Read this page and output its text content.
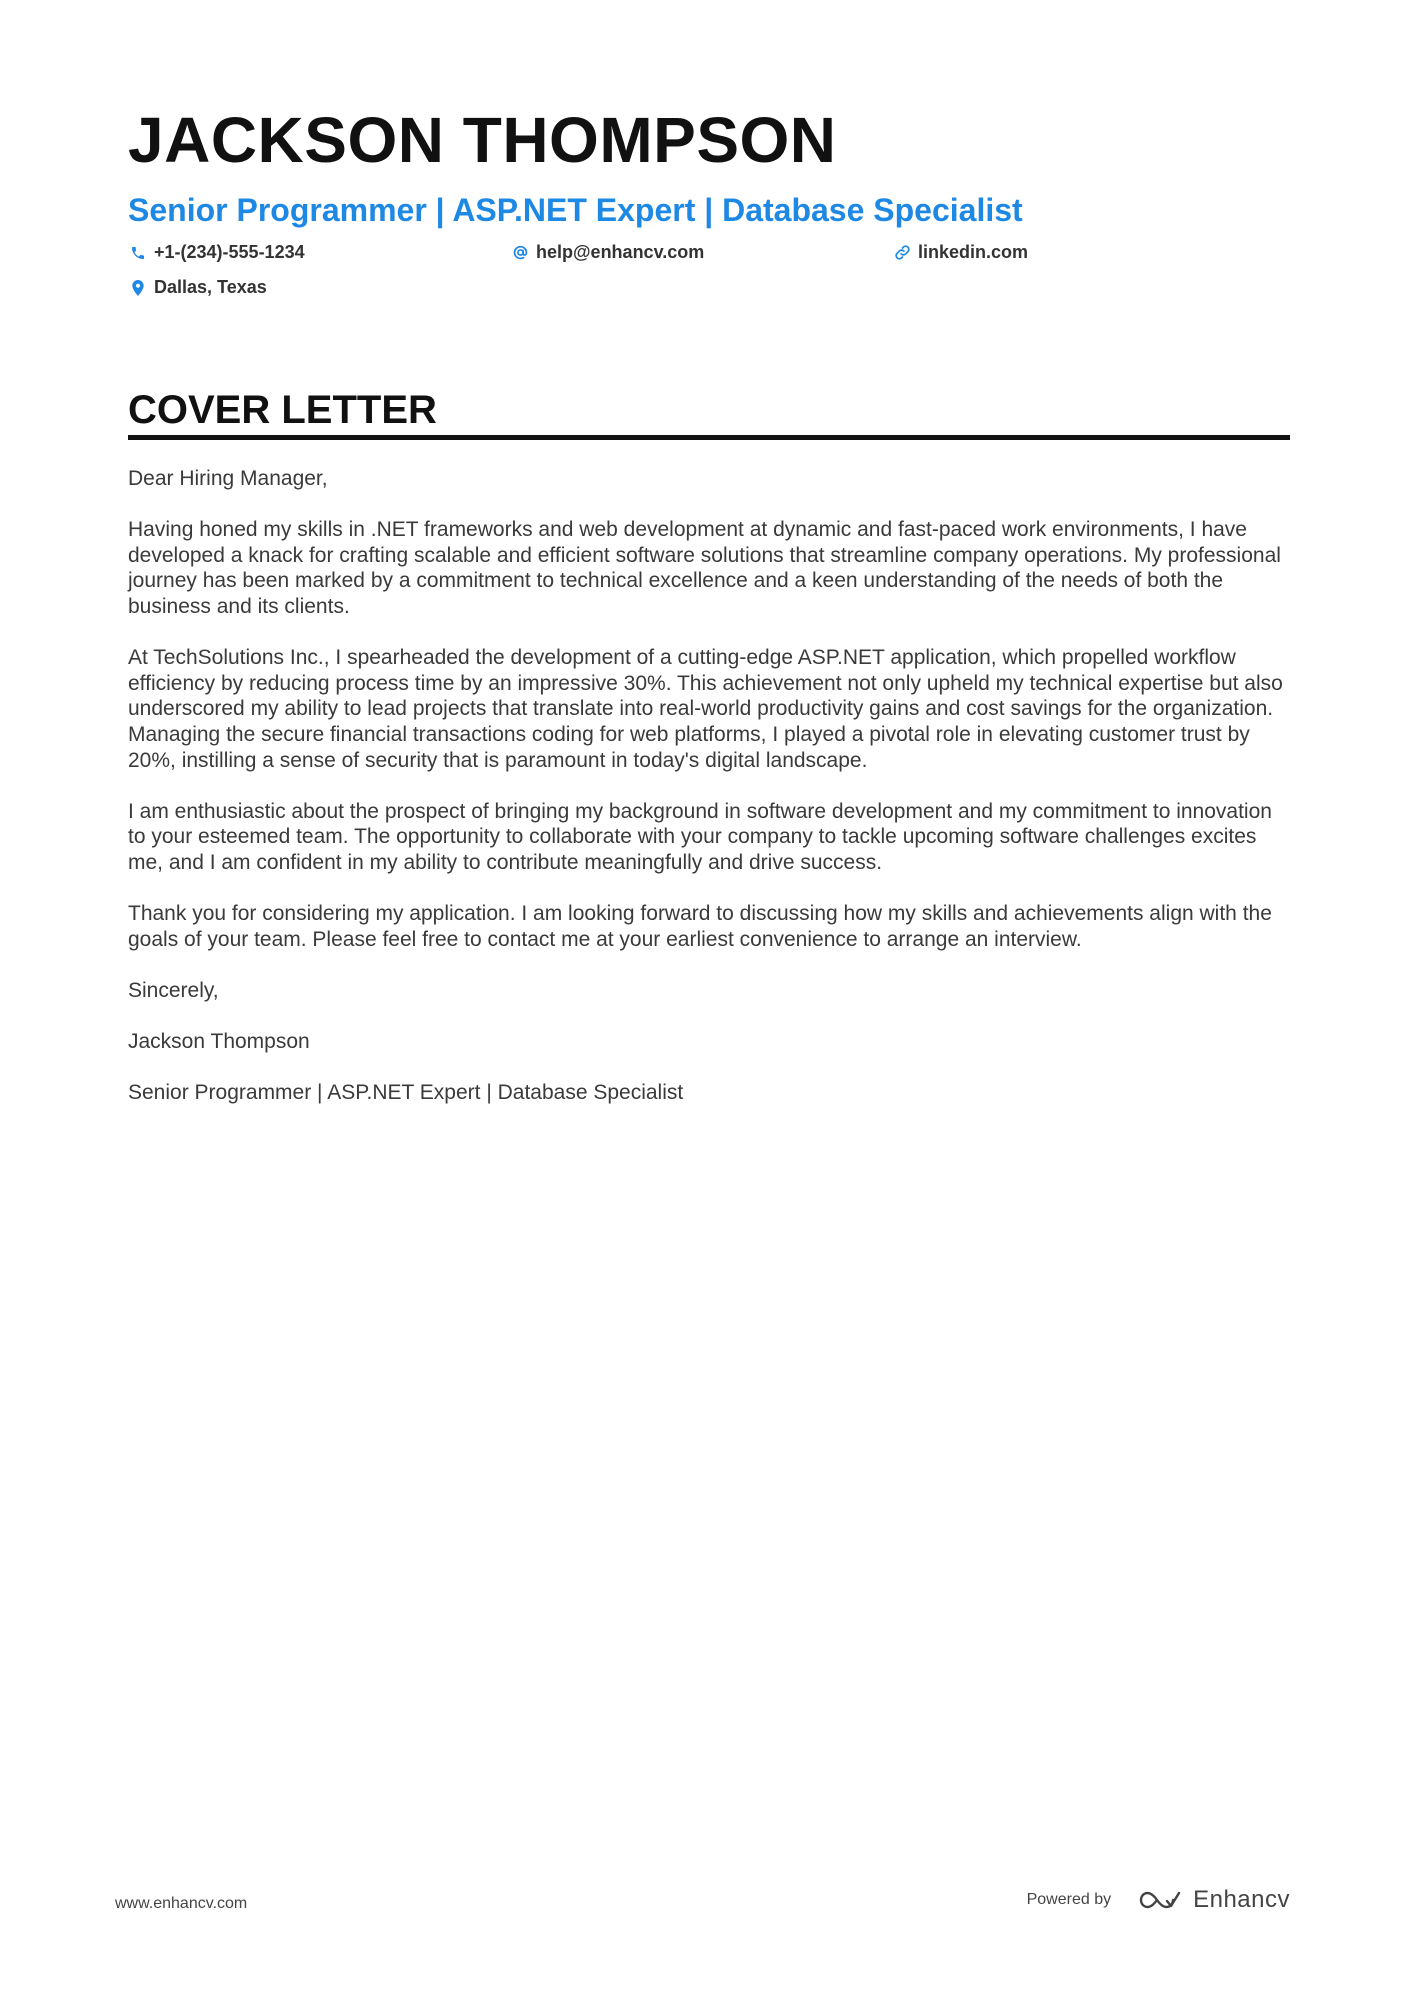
JACKSON THOMPSON
Senior Programmer | ASP.NET Expert | Database Specialist
+1-(234)-555-1234	help@enhancv.com	linkedin.com
Dallas, Texas
COVER LETTER

Dear Hiring Manager,

Having honed my skills in .NET frameworks and web development at dynamic and fast-paced work environments, I have developed a knack for crafting scalable and efficient software solutions that streamline company operations. My professional journey has been marked by a commitment to technical excellence and a keen understanding of the needs of both the business and its clients.

At TechSolutions Inc., I spearheaded the development of a cutting-edge ASP.NET application, which propelled workflow efficiency by reducing process time by an impressive 30%. This achievement not only upheld my technical expertise but also underscored my ability to lead projects that translate into real-world productivity gains and cost savings for the organization. Managing the secure financial transactions coding for web platforms, I played a pivotal role in elevating customer trust by 20%, instilling a sense of security that is paramount in today's digital landscape.

I am enthusiastic about the prospect of bringing my background in software development and my commitment to innovation to your esteemed team. The opportunity to collaborate with your company to tackle upcoming software challenges excites me, and I am confident in my ability to contribute meaningfully and drive success.

Thank you for considering my application. I am looking forward to discussing how my skills and achievements align with the goals of your team. Please feel free to contact me at your earliest convenience to arrange an interview.

Sincerely,

Jackson Thompson

Senior Programmer | ASP.NET Expert | Database Specialist

www.enhancv.com	Powered by	Enhancv
